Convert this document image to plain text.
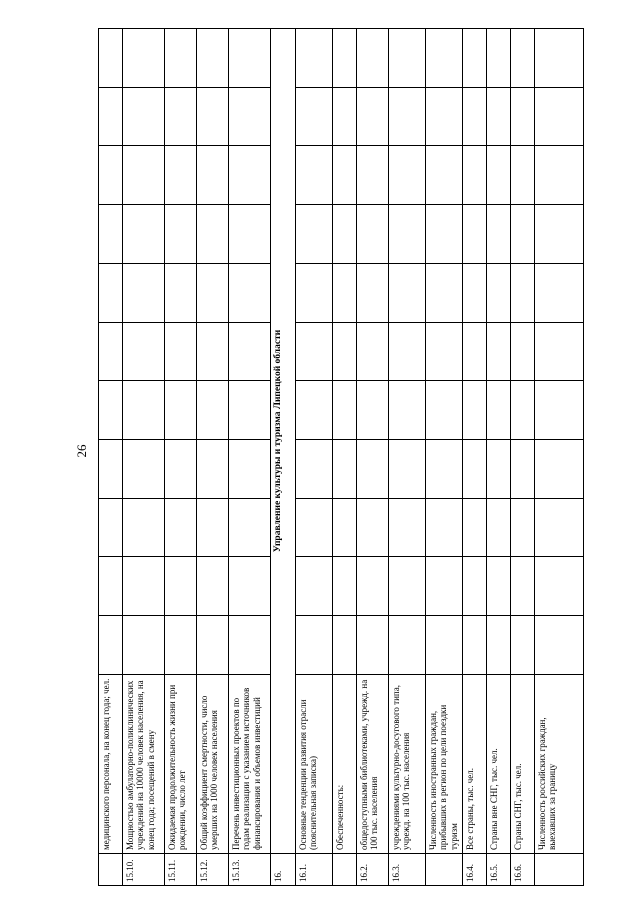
26
	медицинского персонала, на конец года; чел.											
15.10.	Мощностью амбулаторно-поликлинических учреждений на 10000 человек населения, на конец года; посещений в смену											
15.11.	Ожидаемая продолжительность жизни при рождении, число лет											
15.12.	Общий коэффициент смертности, число умерших на 1000 человек населения											
15.13.	Перечень инвестиционных проектов по годам реализации с указанием источников финансирования и объемов инвестиций											
16.	Управление культуры и туризма Липецкой области											
16.1.	Основные тенденции развития отрасли (пояснительная записка)											
	Обеспеченность:											
16.2.	общедоступными библиотеками, учрежд. на 100 тыс. населения											
16.3.	учреждениями культурно-досугового типа, учрежд. на 100 тыс. населения											
	Численность иностранных граждан, прибывших в регион по цели поездки туризм											
16.4.	Все страны, тыс. чел.											
16.5.	Страны вне СНГ, тыс. чел.											
16.6.	Страны СНГ, тыс. чел.											
	Численность российских граждан, выехавших за границу											
